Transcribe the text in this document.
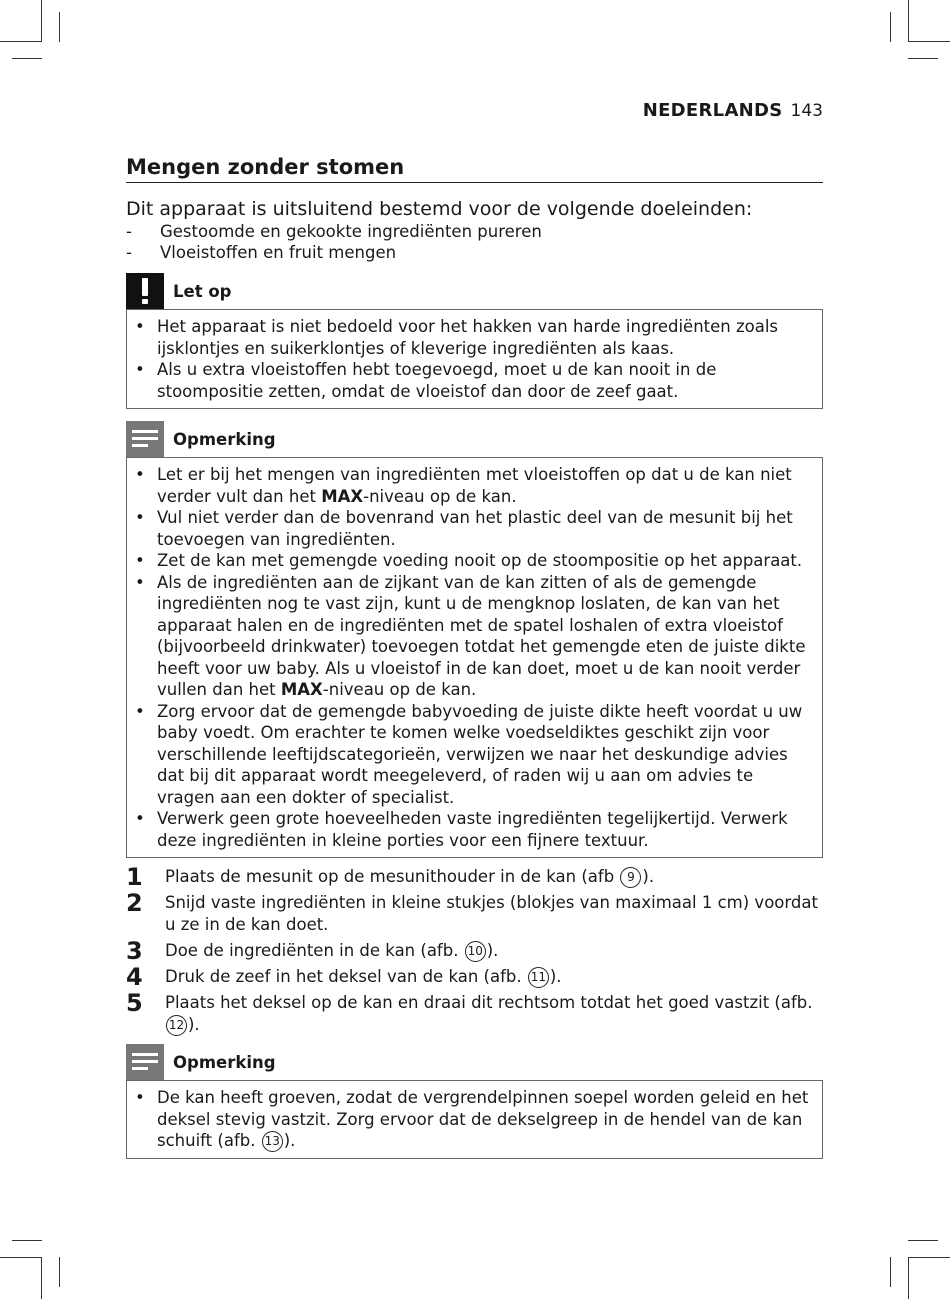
NEDERLANDS 143
Mengen zonder stomen
Dit apparaat is uitsluitend bestemd voor de volgende doeleinden:
-	Gestoomde en gekookte ingrediënten pureren
-	Vloeistoffen en fruit mengen
Let op
• Het apparaat is niet bedoeld voor het hakken van harde ingrediënten zoals ijsklontjes en suikerklontjes of kleverige ingrediënten als kaas.
• Als u extra vloeistoffen hebt toegevoegd, moet u de kan nooit in de stoompositie zetten, omdat de vloeistof dan door de zeef gaat.
Opmerking
• Let er bij het mengen van ingrediënten met vloeistoffen op dat u de kan niet verder vult dan het MAX-niveau op de kan.
• Vul niet verder dan de bovenrand van het plastic deel van de mesunit bij het toevoegen van ingrediënten.
• Zet de kan met gemengde voeding nooit op de stoompositie op het apparaat.
• Als de ingrediënten aan de zijkant van de kan zitten of als de gemengde ingrediënten nog te vast zijn, kunt u de mengknop loslaten, de kan van het apparaat halen en de ingrediënten met de spatel loshalen of extra vloeistof (bijvoorbeeld drinkwater) toevoegen totdat het gemengde eten de juiste dikte heeft voor uw baby. Als u vloeistof in de kan doet, moet u de kan nooit verder vullen dan het MAX-niveau op de kan.
• Zorg ervoor dat de gemengde babyvoeding de juiste dikte heeft voordat u uw baby voedt. Om erachter te komen welke voedseldiktes geschikt zijn voor verschillende leeftijdscategorieën, verwijzen we naar het deskundige advies dat bij dit apparaat wordt meegeleverd, of raden wij u aan om advies te vragen aan een dokter of specialist.
• Verwerk geen grote hoeveelheden vaste ingrediënten tegelijkertijd. Verwerk deze ingrediënten in kleine porties voor een fijnere textuur.
1	Plaats de mesunit op de mesunithouder in de kan (afb 9 ).
2	Snijd vaste ingrediënten in kleine stukjes (blokjes van maximaal 1 cm) voordat u ze in de kan doet.
3	Doe de ingrediënten in de kan (afb. 10 ).
4	Druk de zeef in het deksel van de kan (afb. 11 ).
5	Plaats het deksel op de kan en draai dit rechtsom totdat het goed vastzit (afb. 12 ).
Opmerking
• De kan heeft groeven, zodat de vergrendelpinnen soepel worden geleid en het deksel stevig vastzit. Zorg ervoor dat de dekselgreep in de hendel van de kan schuift (afb. 13 ).
